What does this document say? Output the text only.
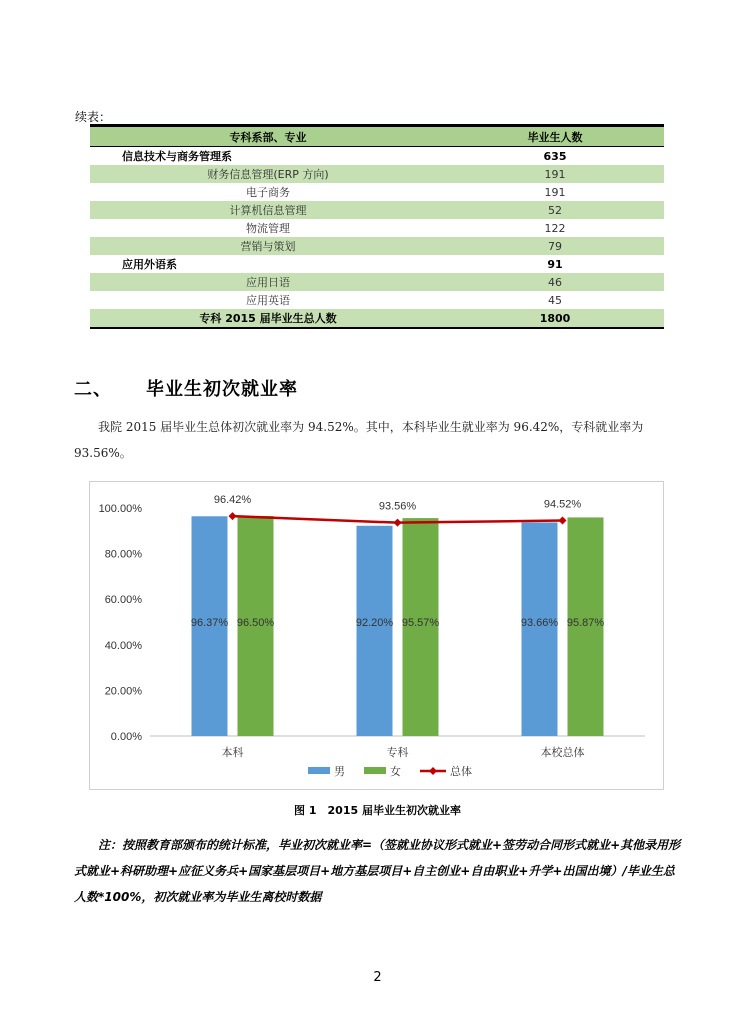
续表：
专科系部、专业	毕业生人数
信息技术与商务管理系	635
财务信息管理(ERP 方向)	191
电子商务	191
计算机信息管理	52
物流管理	122
营销与策划	79
应用外语系	91
应用日语	46
应用英语	45
专科 2015 届毕业生总人数	1800
二、 毕业生初次就业率
我院 2015 届毕业生总体初次就业率为 94.52%。其中，本科毕业生就业率为 96.42%，专科就业率为 93.56%。
0.00%
20.00%
40.00%
60.00%
80.00%
100.00%
本科
96.37% 96.50%
专科
92.20% 95.57%
本校总体
93.66% 95.87%
96.42%
93.56%	94.52%
男	女	总体
图 1　2015 届毕业生初次就业率
注：按照教育部颁布的统计标准，毕业初次就业率=（签就业协议形式就业+签劳动合同形式就业+其他录用形式就业+科研助理+应征义务兵+国家基层项目+地方基层项目+自主创业+自由职业+升学+出国出境）/毕业生总人数*100%，初次就业率为毕业生离校时数据
2
